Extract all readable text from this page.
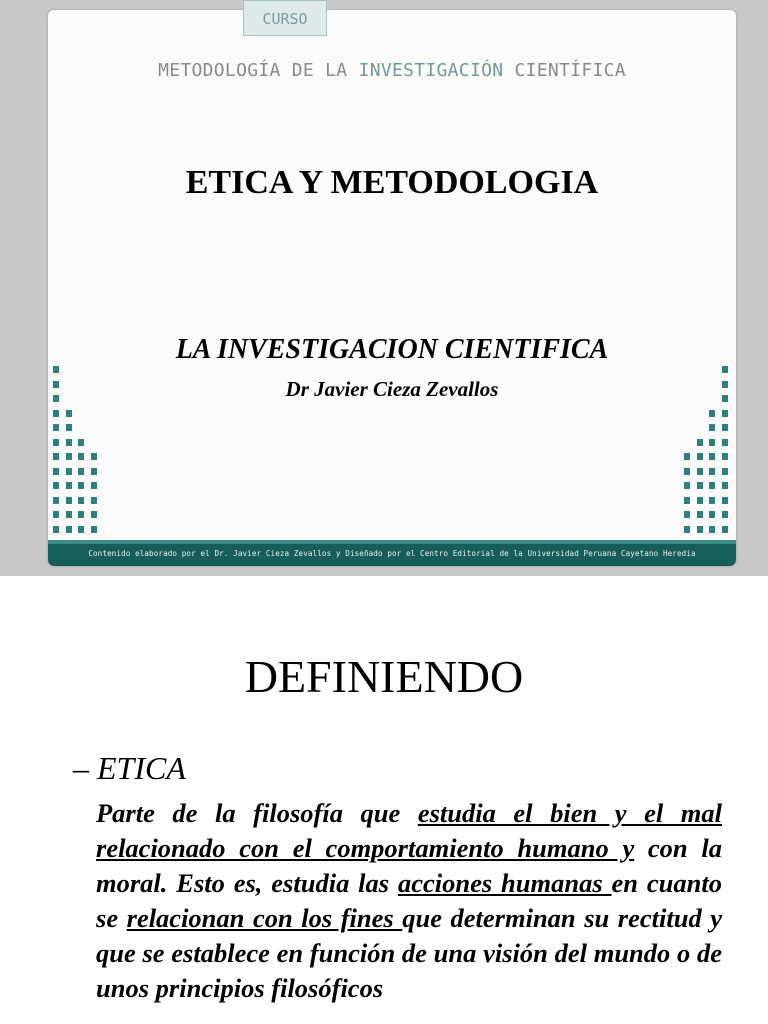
CURSO
METODOLOGÍA DE LA INVESTIGACIÓN CIENTÍFICA
ETICA Y METODOLOGIA
LA INVESTIGACION CIENTIFICA
Dr Javier Cieza Zevallos
Contenido elaborado por el Dr. Javier Cieza Zevallos y Diseñado por el Centro Editorial de la Universidad Peruana Cayetano Heredia
DEFINIENDO
– ETICA
Parte de la filosofía que estudia el bien y el mal relacionado con el comportamiento humano y con la moral. Esto es, estudia las acciones humanas en cuanto se relacionan con los fines que determinan su rectitud y que se establece en función de una visión del mundo o de unos principios filosóficos
